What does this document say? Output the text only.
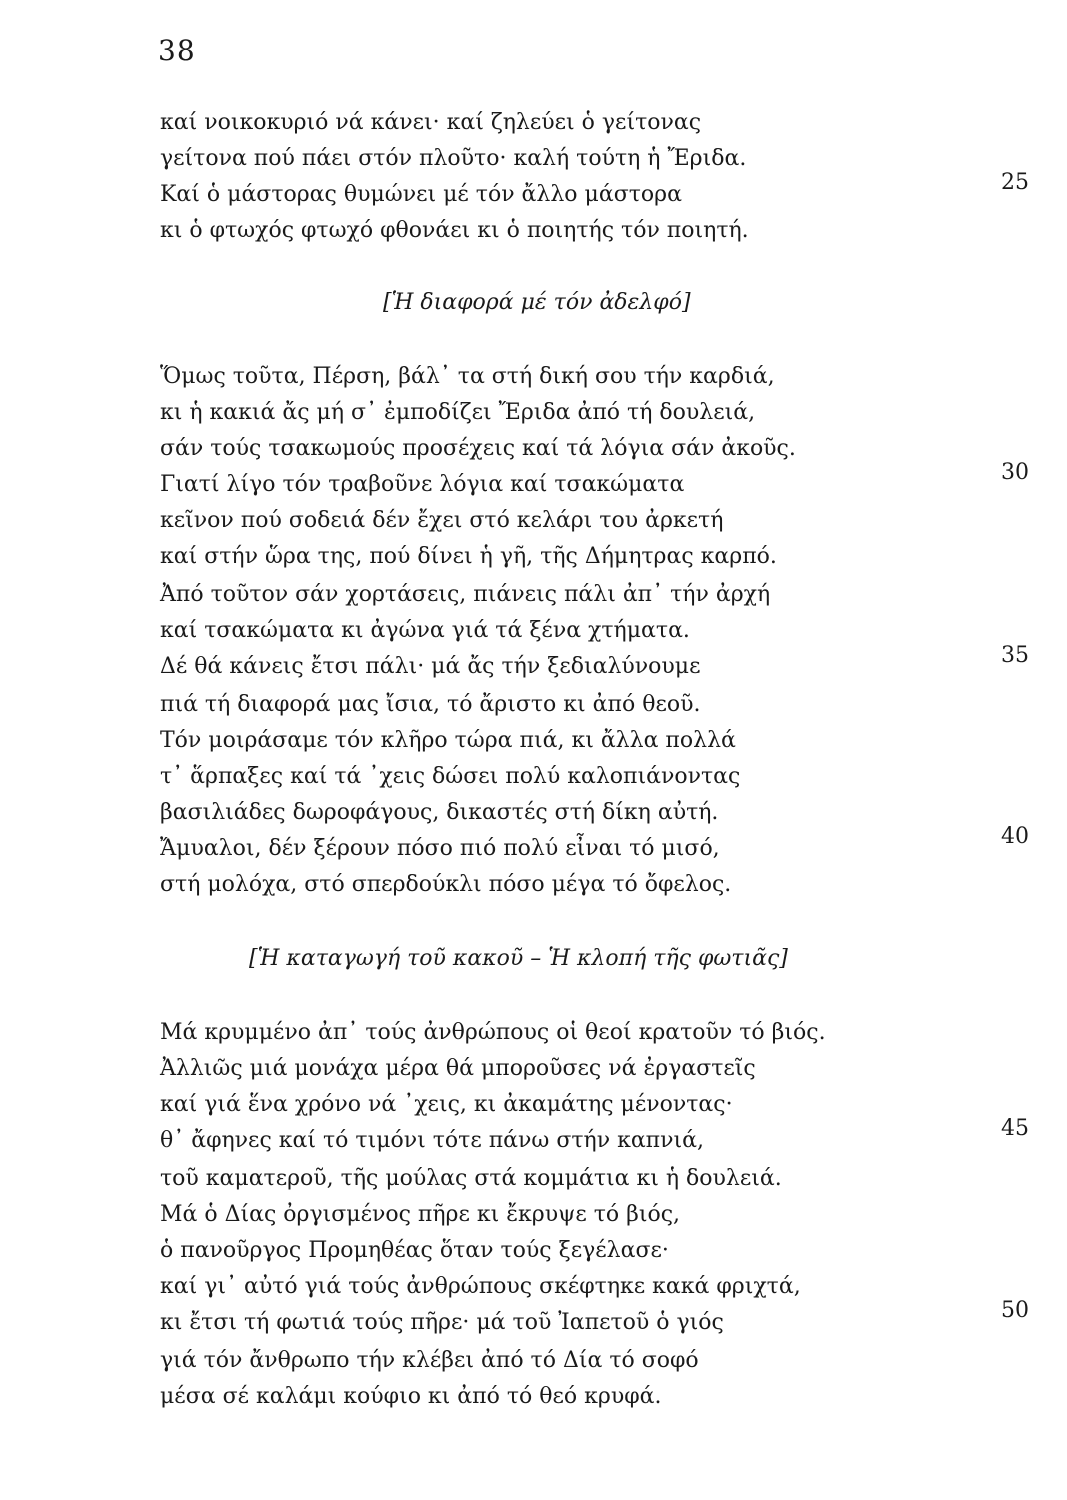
38
καί νοικοκυριό νά κάνει· καί ζηλεύει ὁ γείτονας
γείτονα πού πάει στόν πλοῦτο· καλή τούτη ἡ Ἔριδα.
Καί ὁ μάστορας θυμώνει μέ τόν ἄλλο μάστορα
κι ὁ φτωχός φτωχό φθονάει κι ὁ ποιητής τόν ποιητή.
[Ἡ διαφορά μέ τόν ἀδελφό]
Ὅμως τοῦτα, Πέρση, βάλ᾽ τα στή δική σου τήν καρδιά,
κι ἡ κακιά ἄς μή σ᾽ ἐμποδίζει Ἔριδα ἀπό τή δουλειά,
σάν τούς τσακωμούς προσέχεις καί τά λόγια σάν ἀκοῦς.
Γιατί λίγο τόν τραβοῦνε λόγια καί τσακώματα
κεῖνον πού σοδειά δέν ἔχει στό κελάρι του ἀρκετή
καί στήν ὥρα της, πού δίνει ἡ γῆ, τῆς Δήμητρας καρπό.
Ἀπό τοῦτον σάν χορτάσεις, πιάνεις πάλι ἀπ᾽ τήν ἀρχή
καί τσακώματα κι ἀγώνα γιά τά ξένα χτήματα.
Δέ θά κάνεις ἔτσι πάλι· μά ἄς τήν ξεδιαλύνουμε
πιά τή διαφορά μας ἴσια, τό ἄριστο κι ἀπό θεοῦ.
Τόν μοιράσαμε τόν κλῆρο τώρα πιά, κι ἄλλα πολλά
τ᾽ ἅρπαξες καί τά ᾽χεις δώσει πολύ καλοπιάνοντας
βασιλιάδες δωροφάγους, δικαστές στή δίκη αὐτή.
Ἄμυαλοι, δέν ξέρουν πόσο πιό πολύ εἶναι τό μισό,
στή μολόχα, στό σπερδούκλι πόσο μέγα τό ὄφελος.
[Ἡ καταγωγή τοῦ κακοῦ – Ἡ κλοπή τῆς φωτιᾶς]
Μά κρυμμένο ἀπ᾽ τούς ἀνθρώπους οἱ θεοί κρατοῦν τό βιός.
Ἀλλιῶς μιά μονάχα μέρα θά μποροῦσες νά ἐργαστεῖς
καί γιά ἕνα χρόνο νά ᾽χεις, κι ἀκαμάτης μένοντας·
θ᾽ ἄφηνες καί τό τιμόνι τότε πάνω στήν καπνιά,
τοῦ καματεροῦ, τῆς μούλας στά κομμάτια κι ἡ δουλειά.
Μά ὁ Δίας ὀργισμένος πῆρε κι ἔκρυψε τό βιός,
ὁ πανοῦργος Προμηθέας ὅταν τούς ξεγέλασε·
καί γι᾽ αὐτό γιά τούς ἀνθρώπους σκέφτηκε κακά φριχτά,
κι ἔτσι τή φωτιά τούς πῆρε· μά τοῦ Ἰαπετοῦ ὁ γιός
γιά τόν ἄνθρωπο τήν κλέβει ἀπό τό Δία τό σοφό
μέσα σέ καλάμι κούφιο κι ἀπό τό θεό κρυφά.
25
30
35
40
45
50
